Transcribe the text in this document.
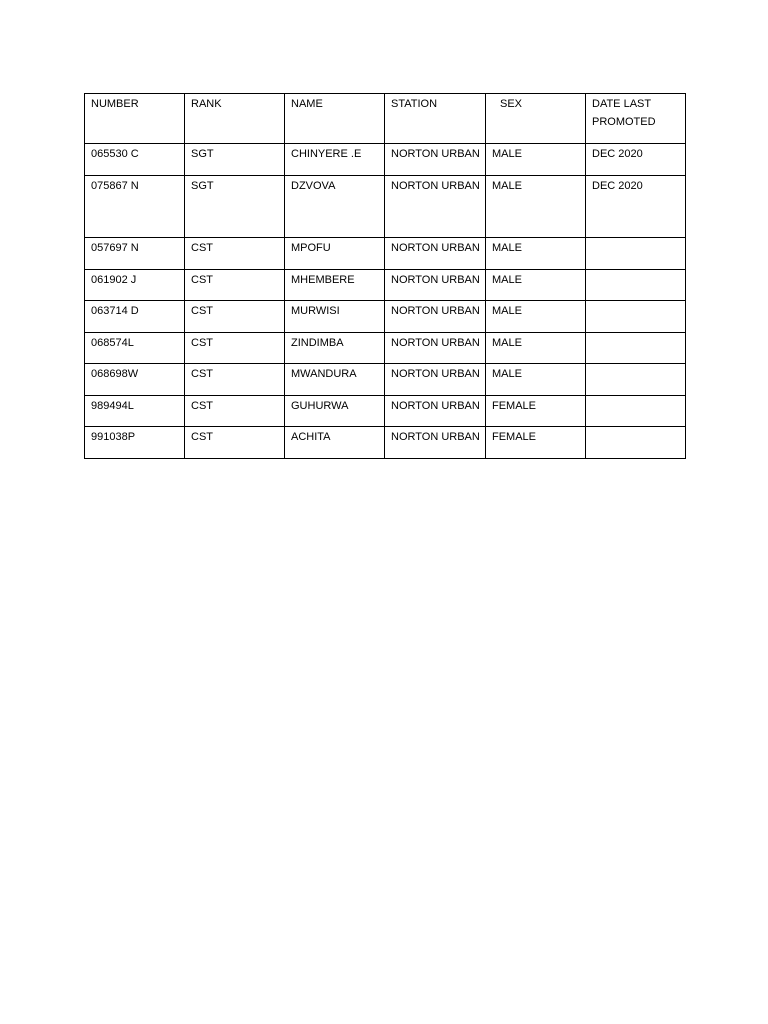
NUMBER	RANK	NAME	STATION	SEX	DATE LAST
PROMOTED

065530 C	SGT	CHINYERE .E	NORTON URBAN	MALE	DEC 2020
075867 N	SGT	DZVOVA	NORTON URBAN	MALE	DEC 2020
057697 N	CST	MPOFU	NORTON URBAN	MALE	
061902 J	CST	MHEMBERE	NORTON URBAN	MALE	
063714 D	CST	MURWISI	NORTON URBAN	MALE	
068574L	CST	ZINDIMBA	NORTON URBAN	MALE	
068698W	CST	MWANDURA	NORTON URBAN	MALE	
989494L	CST	GUHURWA	NORTON URBAN	FEMALE	
991038P	CST	ACHITA	NORTON URBAN	FEMALE	
